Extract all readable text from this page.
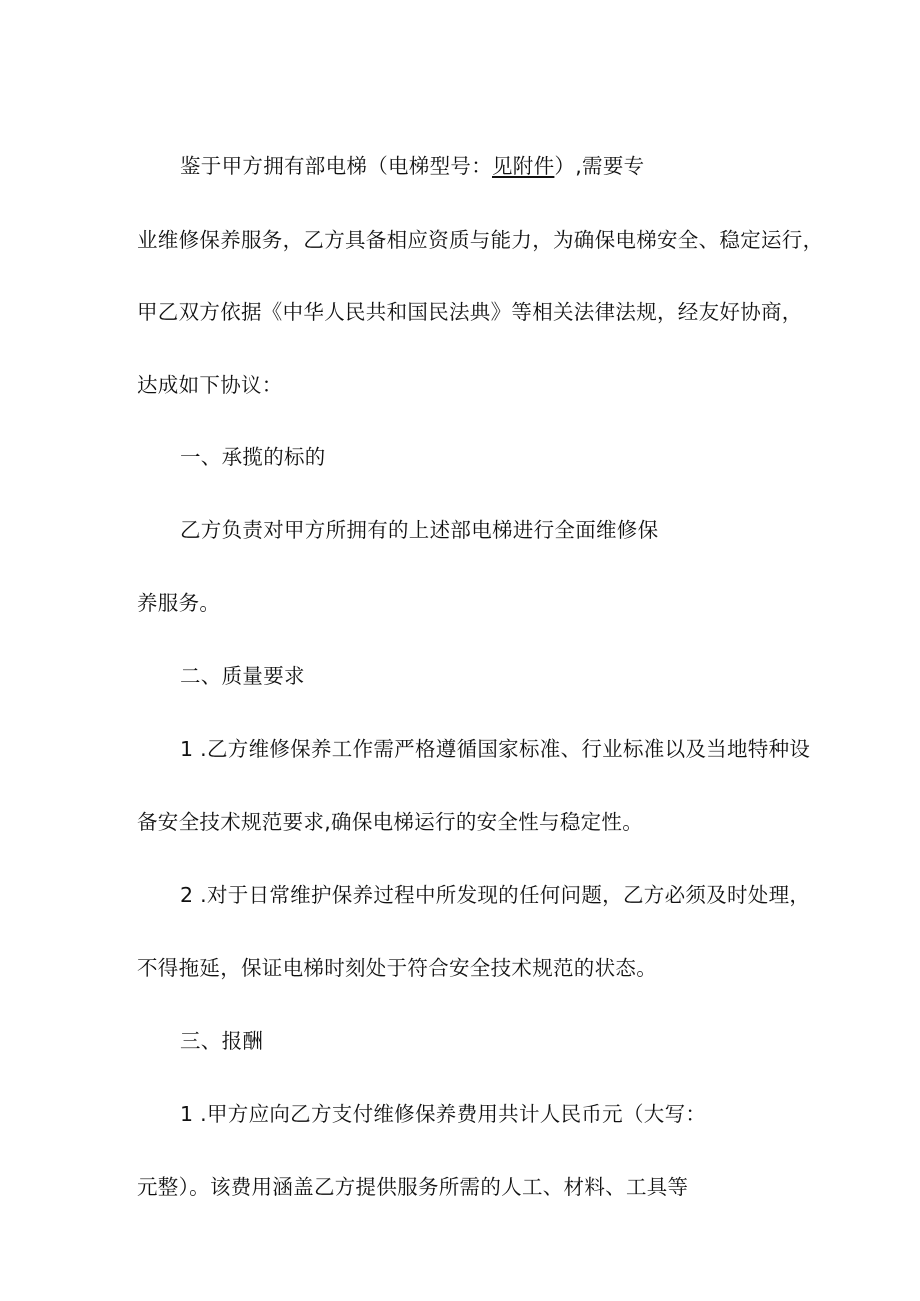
鉴于甲方拥有部电梯（电梯型号：见附件）,需要专
业维修保养服务，乙方具备相应资质与能力，为确保电梯安全、稳定运行，
甲乙双方依据《中华人民共和国民法典》等相关法律法规，经友好协商，
达成如下协议：
一、承揽的标的
乙方负责对甲方所拥有的上述部电梯进行全面维修保
养服务。
二、质量要求
1 .乙方维修保养工作需严格遵循国家标准、行业标准以及当地特种设
备安全技术规范要求,确保电梯运行的安全性与稳定性。
2 .对于日常维护保养过程中所发现的任何问题，乙方必须及时处理，
不得拖延，保证电梯时刻处于符合安全技术规范的状态。
三、报酬
1 .甲方应向乙方支付维修保养费用共计人民币元（大写：
元整）。该费用涵盖乙方提供服务所需的人工、材料、工具等
